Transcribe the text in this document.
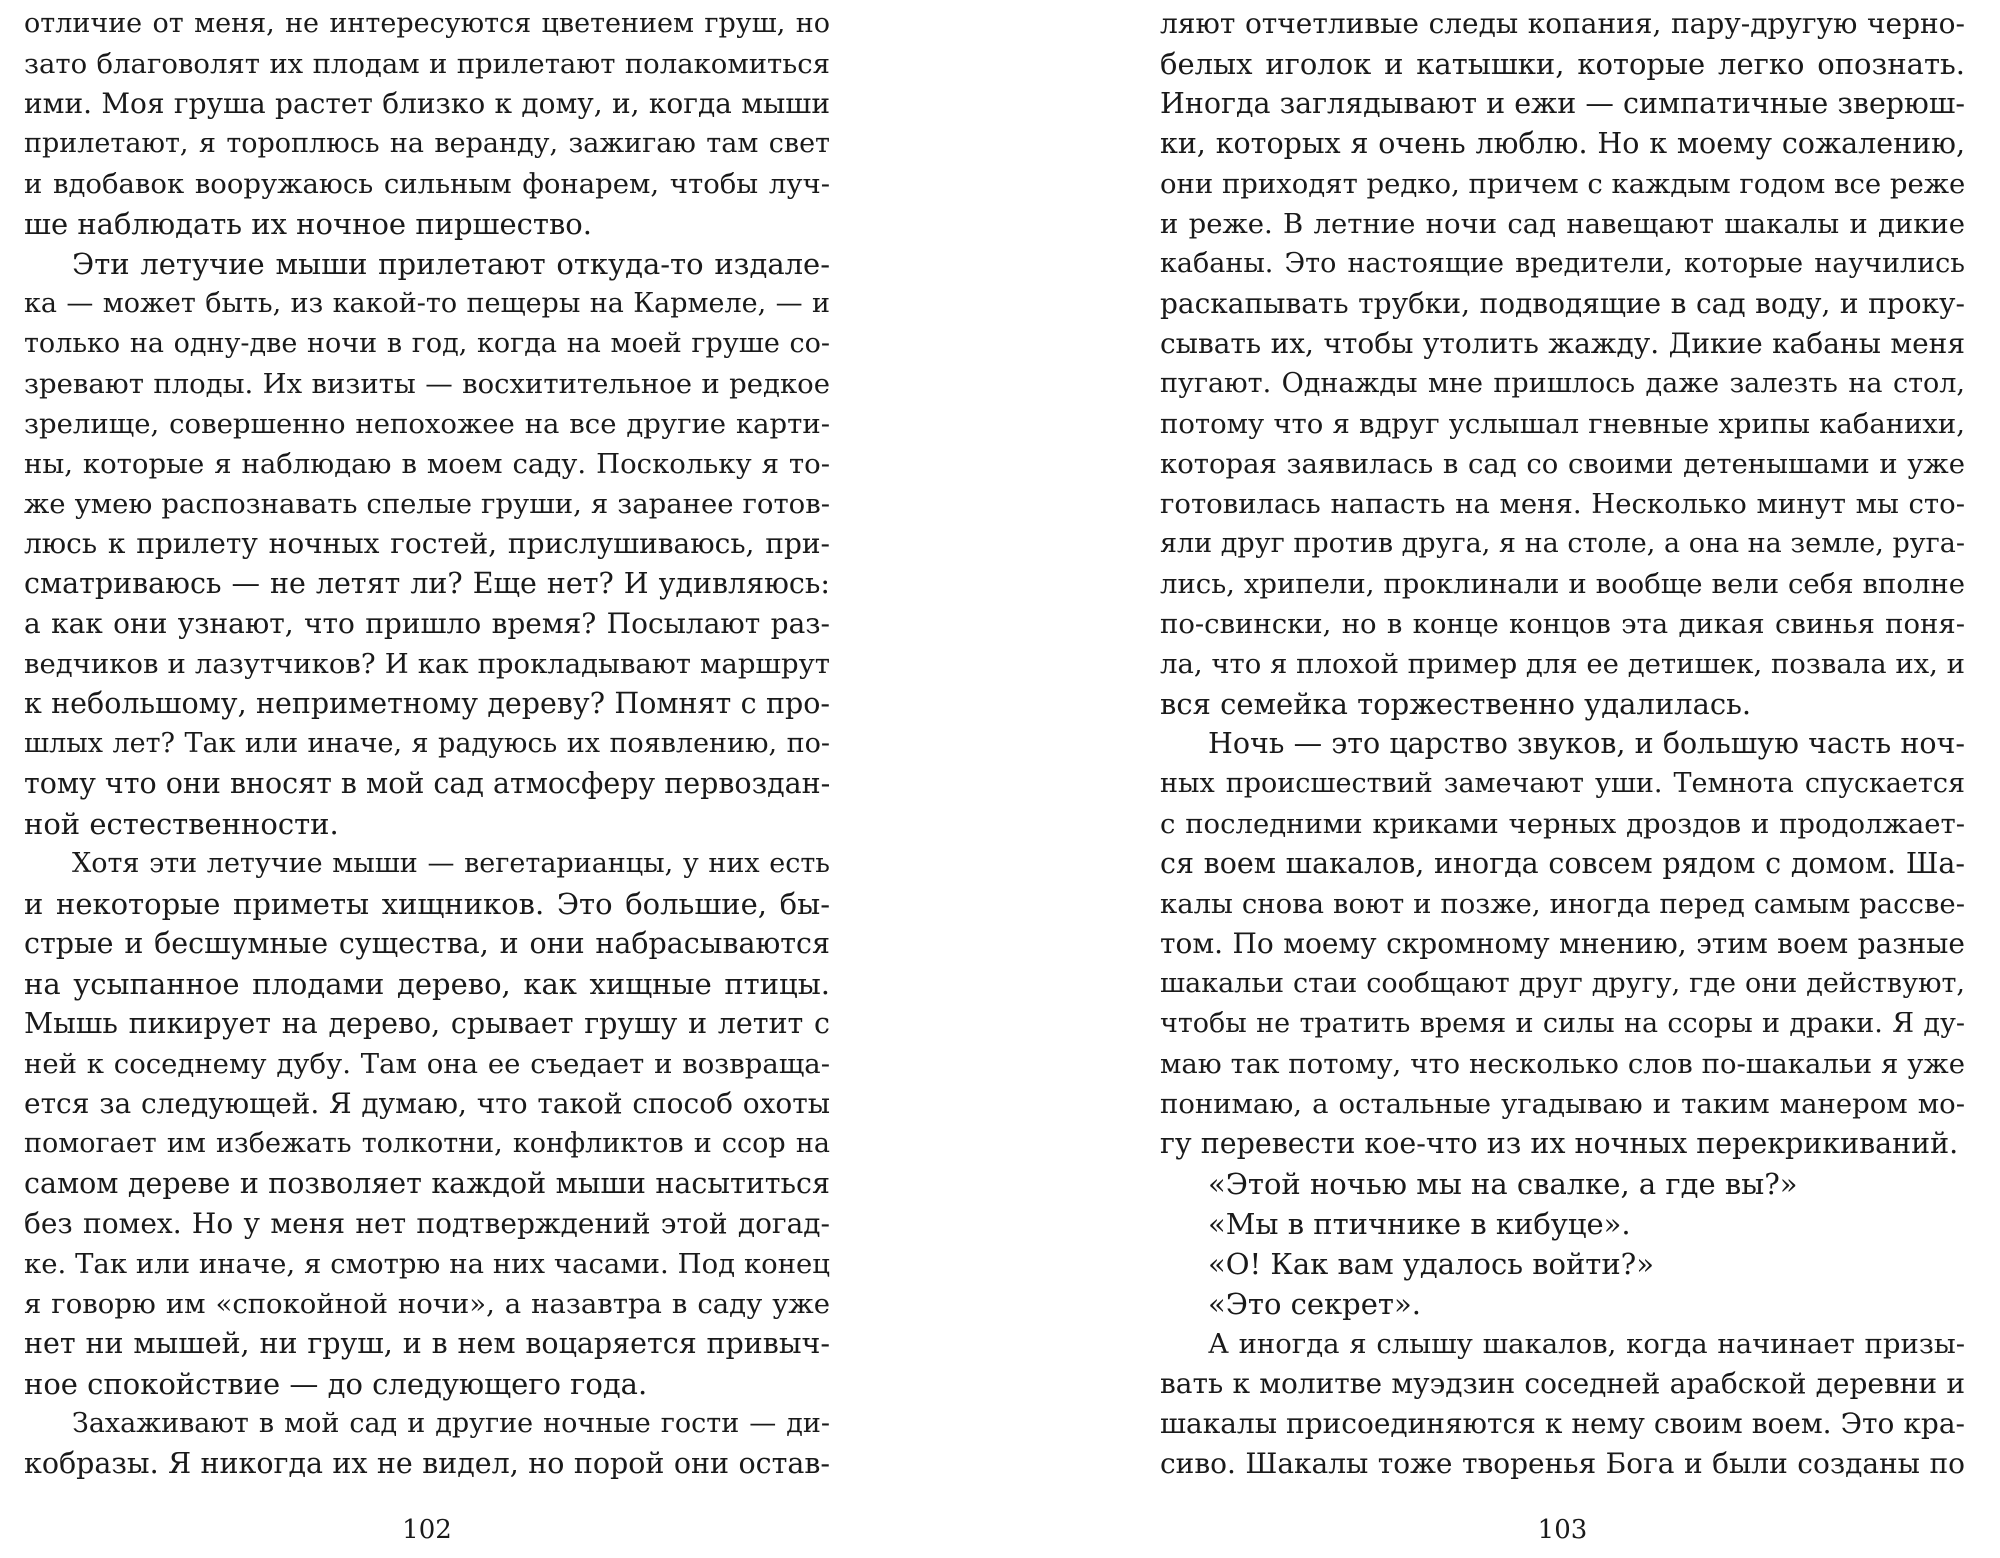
отличие от меня, не интересуются цветением груш, но
зато благоволят их плодам и прилетают полакомиться
ими. Моя груша растет близко к дому, и, когда мыши
прилетают, я тороплюсь на веранду, зажигаю там свет
и вдобавок вооружаюсь сильным фонарем, чтобы луч-
ше наблюдать их ночное пиршество.
Эти летучие мыши прилетают откуда-то издале-
ка — может быть, из какой-то пещеры на Кармеле, — и
только на одну-две ночи в год, когда на моей груше со-
зревают плоды. Их визиты — восхитительное и редкое
зрелище, совершенно непохожее на все другие карти-
ны, которые я наблюдаю в моем саду. Поскольку я то-
же умею распознавать спелые груши, я заранее готов-
люсь к прилету ночных гостей, прислушиваюсь, при-
сматриваюсь — не летят ли? Еще нет? И удивляюсь:
а как они узнают, что пришло время? Посылают раз-
ведчиков и лазутчиков? И как прокладывают маршрут
к небольшому, неприметному дереву? Помнят с про-
шлых лет? Так или иначе, я радуюсь их появлению, по-
тому что они вносят в мой сад атмосферу первоздан-
ной естественности.
Хотя эти летучие мыши — вегетарианцы, у них есть
и некоторые приметы хищников. Это большие, бы-
стрые и бесшумные существа, и они набрасываются
на усыпанное плодами дерево, как хищные птицы.
Мышь пикирует на дерево, срывает грушу и летит с
ней к соседнему дубу. Там она ее съедает и возвраща-
ется за следующей. Я думаю, что такой способ охоты
помогает им избежать толкотни, конфликтов и ссор на
самом дереве и позволяет каждой мыши насытиться
без помех. Но у меня нет подтверждений этой догад-
ке. Так или иначе, я смотрю на них часами. Под конец
я говорю им «спокойной ночи», а назавтра в саду уже
нет ни мышей, ни груш, и в нем воцаряется привыч-
ное спокойствие — до следующего года.
Захаживают в мой сад и другие ночные гости — ди-
кобразы. Я никогда их не видел, но порой они остав-
102
ляют отчетливые следы копания, пару-другую черно-
белых иголок и катышки, которые легко опознать.
Иногда заглядывают и ежи — симпатичные зверюш-
ки, которых я очень люблю. Но к моему сожалению,
они приходят редко, причем с каждым годом все реже
и реже. В летние ночи сад навещают шакалы и дикие
кабаны. Это настоящие вредители, которые научились
раскапывать трубки, подводящие в сад воду, и проку-
сывать их, чтобы утолить жажду. Дикие кабаны меня
пугают. Однажды мне пришлось даже залезть на стол,
потому что я вдруг услышал гневные хрипы кабанихи,
которая заявилась в сад со своими детенышами и уже
готовилась напасть на меня. Несколько минут мы сто-
яли друг против друга, я на столе, а она на земле, руга-
лись, хрипели, проклинали и вообще вели себя вполне
по-свински, но в конце концов эта дикая свинья поня-
ла, что я плохой пример для ее детишек, позвала их, и
вся семейка торжественно удалилась.
Ночь — это царство звуков, и большую часть ноч-
ных происшествий замечают уши. Темнота спускается
с последними криками черных дроздов и продолжает-
ся воем шакалов, иногда совсем рядом с домом. Ша-
калы снова воют и позже, иногда перед самым рассве-
том. По моему скромному мнению, этим воем разные
шакальи стаи сообщают друг другу, где они действуют,
чтобы не тратить время и силы на ссоры и драки. Я ду-
маю так потому, что несколько слов по-шакальи я уже
понимаю, а остальные угадываю и таким манером мо-
гу перевести кое-что из их ночных перекрикиваний.
«Этой ночью мы на свалке, а где вы?»
«Мы в птичнике в кибуце».
«О! Как вам удалось войти?»
«Это секрет».
А иногда я слышу шакалов, когда начинает призы-
вать к молитве муэдзин соседней арабской деревни и
шакалы присоединяются к нему своим воем. Это кра-
сиво. Шакалы тоже творенья Бога и были созданы по
103
